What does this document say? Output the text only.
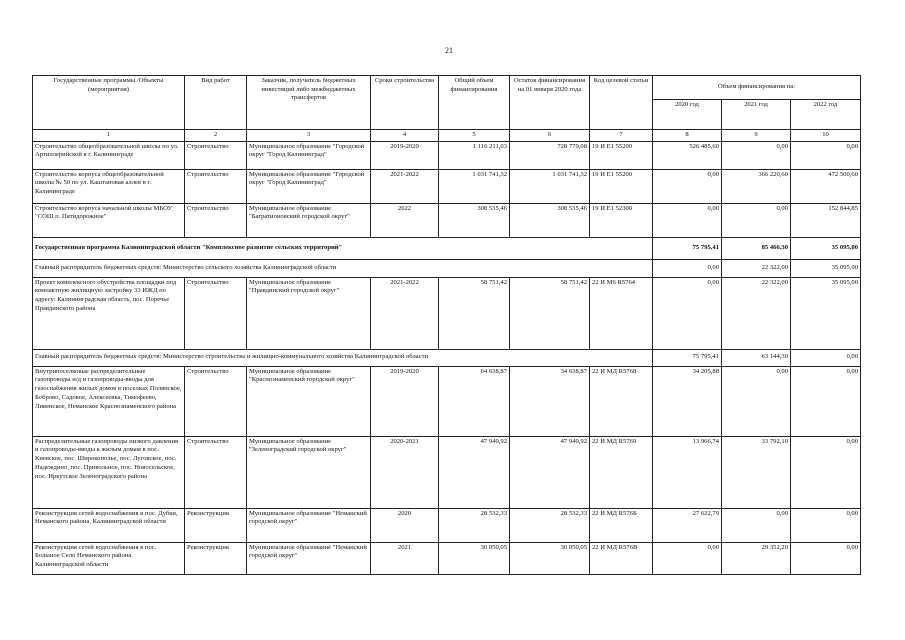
21
Государственные программы /Объекты (мероприятия)	Вид работ	Заказчик, получатель бюджетных инвестиций либо межбюджетных трансфертов	Сроки строительства	Общий объем финансирования	Остаток финансирования на 01 января 2020 года	Код целевой статьи	Объем финансирования на:		
							2020 год	2021 год	2022 год
1	2	3	4	5	6	7	8	9	10
Строительство общеобразовательной школы по ул. Артиллерийской в г. Калининграде	Строительство	Муниципальное образование "Городской округ "Город Калининград"	2019-2020	1 116 211,03	728 779,08	19 И Е1 55200	526 485,60	0,00	0,00
Строительство корпуса общеобразовательной школы № 50 по ул. Каштановая аллея в г. Калининграде	Строительство	Муниципальное образование "Городской округ "Город Калининград"	2021-2022	1 031 741,32	1 031 741,32	19 И Е1 55200	0,00	366 220,60	472 500,60
Строительство корпуса начальной школы МБОУ "СОШ п. Пятидорожное"	Строительство	Муниципальное образование "Багратионовский городской округ"	2022	308 535,46	308 535,46	19 И Е1 52300	0,00	0,00	152 844,85
Государственная программа Калининградской области "Комплексное развитие сельских территорий"							75 795,41	85 466,30	35 095,00
Главный распорядитель бюджетных средств: Министерство сельского хозяйства Калининградской области							0,00	22 322,00	35 095,00
Проект комплексного обустройства площадки под компактную жилищную застройку 33 ИЖД по адресу: Калининградская область, пос. Поречье Правдинского района	Строительство	Муниципальное образование "Правдинский городской округ"	2021-2022	58 751,42	58 751,42	22 И М6 R5764	0,00	22 322,00	35 095,00
Главный распорядитель бюджетных средств: Министерство строительства и жилищно-коммунального хозяйства Калининградской области							75 795,41	63 144,30	0,00
Внутрипоселковые распределительные газопроводы н/д и газопроводы-вводы для газоснабжения жилых домов в поселках Полянское, Боброво, Садовое, Алексеевка, Тимофеево, Ливенское, Неманское Краснознаменского района	Строительство	Муниципальное образование "Краснознаменский городской округ"	2019-2020	64 638,87	34 638,87	22 И МД R5768	34 205,88	0,00	0,00
Распределительные газопроводы низкого давления и газопроводы-вводы к жилым домам в пос. Киевское, пос. Широкополье, пос. Луговское, пос. Надеждино, пос. Привольное, пос. Новосельское, пос. Иркутское Зеленоградского района	Строительство	Муниципальное образование "Зеленоградский городской округ"	2020-2021	47 940,92	47 940,92	22 И МД R5769	13 966,74	33 792,10	0,00
Реконструкция сетей водоснабжения в пос. Дубки, Неманского района, Калининградской области	Реконструкция	Муниципальное образование "Неманский городской округ"	2020	28 532,33	28 532,33	22 И МД R576Б	27 622,79	0,00	0,00
Реконструкция сетей водоснабжения в пос. Большое Село Неманского района Калининградской области	Реконструкция	Муниципальное образование "Неманский городской округ"	2021	30 050,05	30 050,05	22 И МД R576В	0,00	29 352,20	0,00
